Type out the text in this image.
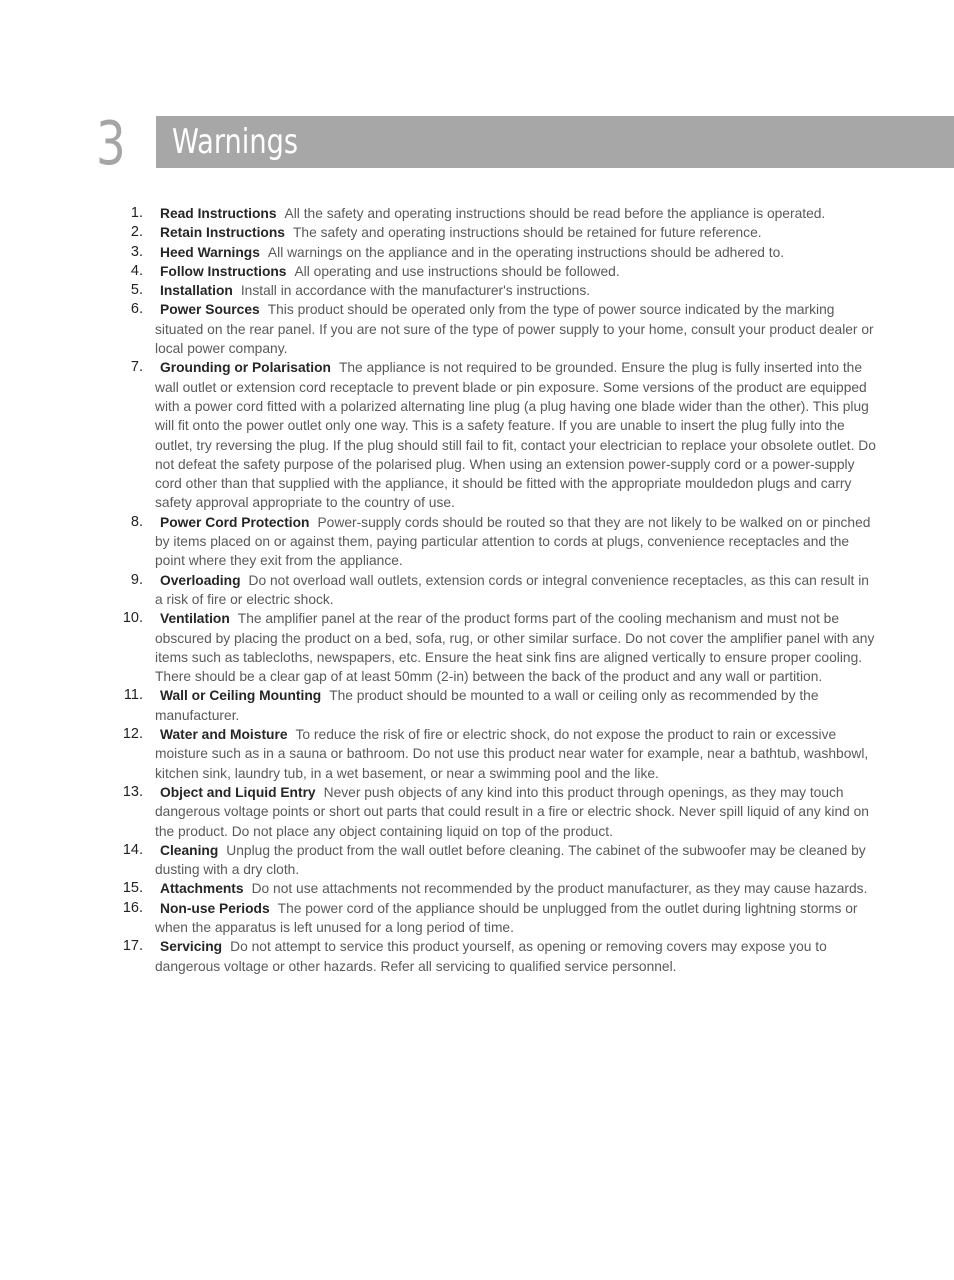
3 Warnings
1. Read Instructions All the safety and operating instructions should be read before the appliance is operated.
2. Retain Instructions The safety and operating instructions should be retained for future reference.
3. Heed Warnings All warnings on the appliance and in the operating instructions should be adhered to.
4. Follow Instructions All operating and use instructions should be followed.
5. Installation Install in accordance with the manufacturer's instructions.
6. Power Sources This product should be operated only from the type of power source indicated by the marking situated on the rear panel. If you are not sure of the type of power supply to your home, consult your product dealer or local power company.
7. Grounding or Polarisation The appliance is not required to be grounded. Ensure the plug is fully inserted into the wall outlet or extension cord receptacle to prevent blade or pin exposure. Some versions of the product are equipped with a power cord fitted with a polarized alternating line plug (a plug having one blade wider than the other). This plug will fit onto the power outlet only one way. This is a safety feature. If you are unable to insert the plug fully into the outlet, try reversing the plug. If the plug should still fail to fit, contact your electrician to replace your obsolete outlet. Do not defeat the safety purpose of the polarised plug. When using an extension power-supply cord or a power-supply cord other than that supplied with the appliance, it should be fitted with the appropriate mouldedon plugs and carry safety approval appropriate to the country of use.
8. Power Cord Protection Power-supply cords should be routed so that they are not likely to be walked on or pinched by items placed on or against them, paying particular attention to cords at plugs, convenience receptacles and the point where they exit from the appliance.
9. Overloading Do not overload wall outlets, extension cords or integral convenience receptacles, as this can result in a risk of fire or electric shock.
10. Ventilation The amplifier panel at the rear of the product forms part of the cooling mechanism and must not be obscured by placing the product on a bed, sofa, rug, or other similar surface. Do not cover the amplifier panel with any items such as tablecloths, newspapers, etc. Ensure the heat sink fins are aligned vertically to ensure proper cooling. There should be a clear gap of at least 50mm (2-in) between the back of the product and any wall or partition.
11. Wall or Ceiling Mounting The product should be mounted to a wall or ceiling only as recommended by the manufacturer.
12. Water and Moisture To reduce the risk of fire or electric shock, do not expose the product to rain or excessive moisture such as in a sauna or bathroom. Do not use this product near water for example, near a bathtub, washbowl, kitchen sink, laundry tub, in a wet basement, or near a swimming pool and the like.
13. Object and Liquid Entry Never push objects of any kind into this product through openings, as they may touch dangerous voltage points or short out parts that could result in a fire or electric shock. Never spill liquid of any kind on the product. Do not place any object containing liquid on top of the product.
14. Cleaning Unplug the product from the wall outlet before cleaning. The cabinet of the subwoofer may be cleaned by dusting with a dry cloth.
15. Attachments Do not use attachments not recommended by the product manufacturer, as they may cause hazards.
16. Non-use Periods The power cord of the appliance should be unplugged from the outlet during lightning storms or when the apparatus is left unused for a long period of time.
17. Servicing Do not attempt to service this product yourself, as opening or removing covers may expose you to dangerous voltage or other hazards. Refer all servicing to qualified service personnel.
